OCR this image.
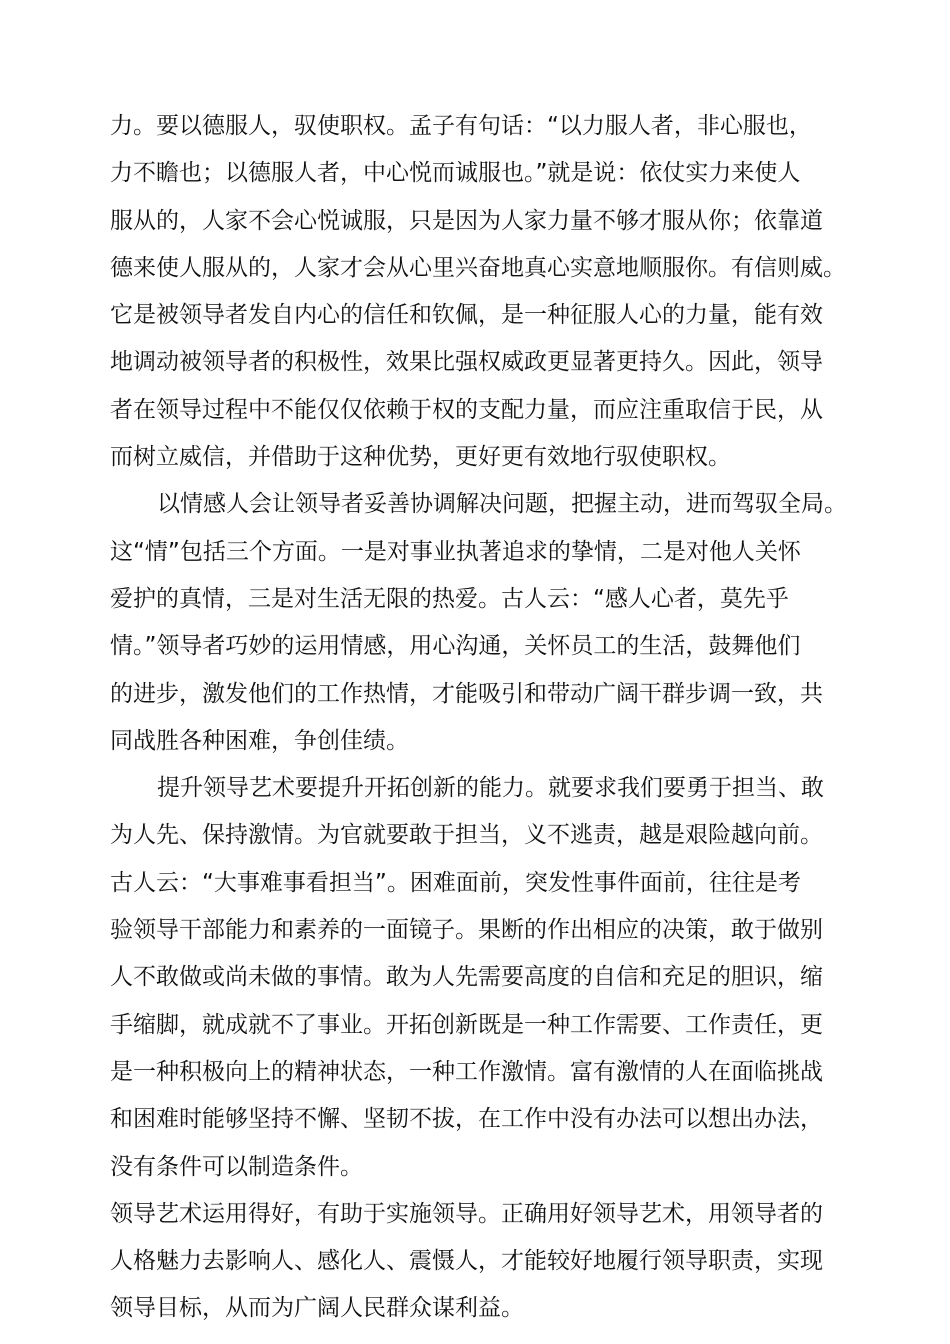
力。要以德服人，驭使职权。孟子有句话：“以力服人者，非心服也，
力不瞻也；以德服人者，中心悦而诚服也。”就是说：依仗实力来使人
服从的，人家不会心悦诚服，只是因为人家力量不够才服从你；依靠道
德来使人服从的，人家才会从心里兴奋地真心实意地顺服你。有信则威。
它是被领导者发自内心的信任和钦佩，是一种征服人心的力量，能有效
地调动被领导者的积极性，效果比强权威政更显著更持久。因此，领导
者在领导过程中不能仅仅依赖于权的支配力量，而应注重取信于民，从
而树立威信，并借助于这种优势，更好更有效地行驭使职权。
以情感人会让领导者妥善协调解决问题，把握主动，进而驾驭全局。
这“情”包括三个方面。一是对事业执著追求的挚情，二是对他人关怀
爱护的真情，三是对生活无限的热爱。古人云：“感人心者，莫先乎
情。”领导者巧妙的运用情感，用心沟通，关怀员工的生活，鼓舞他们
的进步，激发他们的工作热情，才能吸引和带动广阔干群步调一致，共
同战胜各种困难，争创佳绩。
提升领导艺术要提升开拓创新的能力。就要求我们要勇于担当、敢
为人先、保持激情。为官就要敢于担当，义不逃责，越是艰险越向前。
古人云：“大事难事看担当”。困难面前，突发性事件面前，往往是考
验领导干部能力和素养的一面镜子。果断的作出相应的决策，敢于做别
人不敢做或尚未做的事情。敢为人先需要高度的自信和充足的胆识，缩
手缩脚，就成就不了事业。开拓创新既是一种工作需要、工作责任，更
是一种积极向上的精神状态，一种工作激情。富有激情的人在面临挑战
和困难时能够坚持不懈、坚韧不拔，在工作中没有办法可以想出办法，
没有条件可以制造条件。
领导艺术运用得好，有助于实施领导。正确用好领导艺术，用领导者的
人格魅力去影响人、感化人、震慑人，才能较好地履行领导职责，实现
领导目标，从而为广阔人民群众谋利益。
